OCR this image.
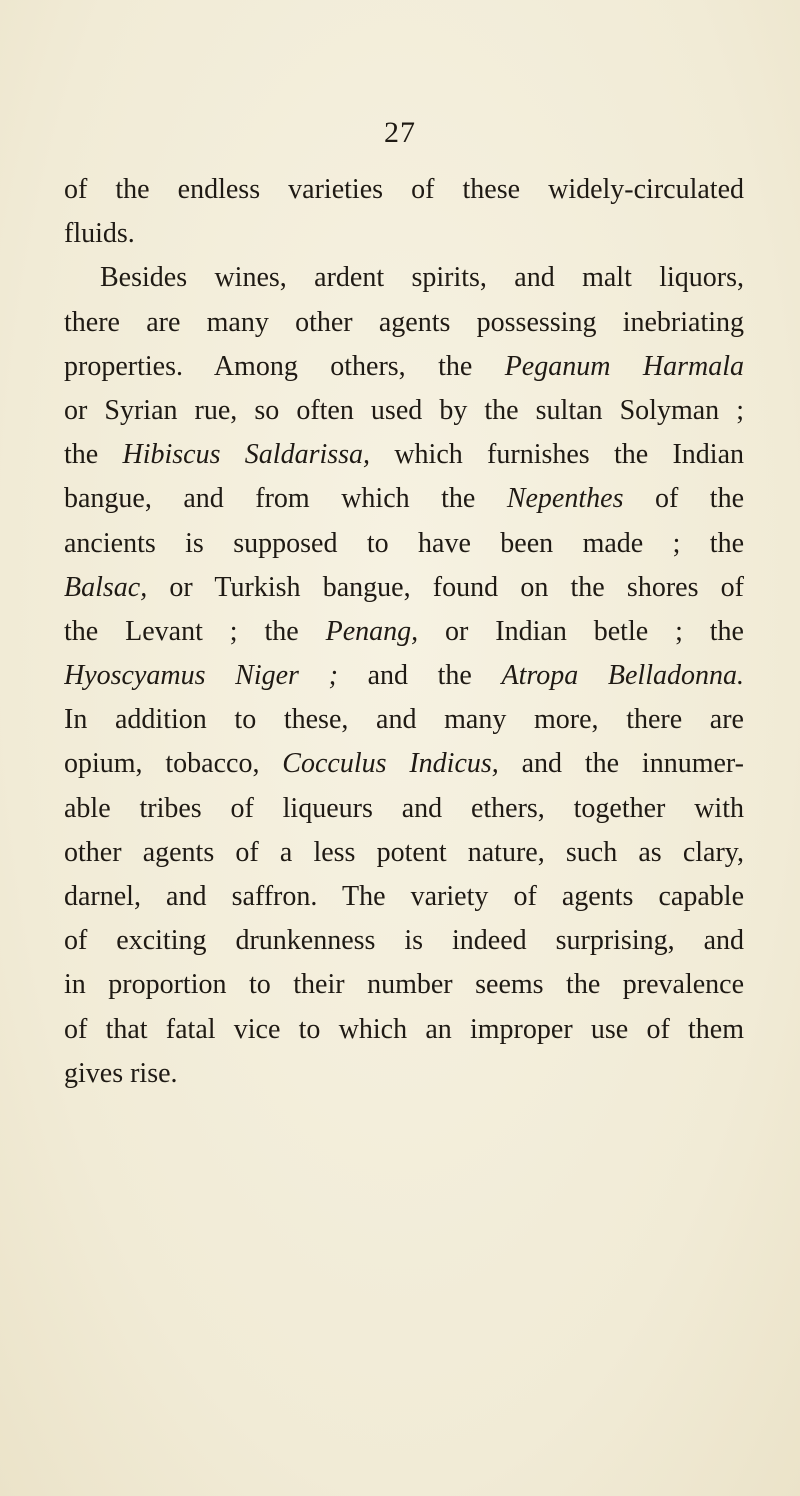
27
of the endless varieties of these widely-circulated
fluids.
Besides wines, ardent spirits, and malt liquors,
there are many other agents possessing inebriating
properties. Among others, the Peganum Harmala
or Syrian rue, so often used by the sultan Solyman ;
the Hibiscus Saldarissa, which furnishes the Indian
bangue, and from which the Nepenthes of the
ancients is supposed to have been made ; the
Balsac, or Turkish bangue, found on the shores of
the Levant ; the Penang, or Indian betle ; the
Hyoscyamus Niger ; and the Atropa Belladonna.
In addition to these, and many more, there are
opium, tobacco, Cocculus Indicus, and the innumer-
able tribes of liqueurs and ethers, together with
other agents of a less potent nature, such as clary,
darnel, and saffron. The variety of agents capable
of exciting drunkenness is indeed surprising, and
in proportion to their number seems the prevalence
of that fatal vice to which an improper use of them
gives rise.
